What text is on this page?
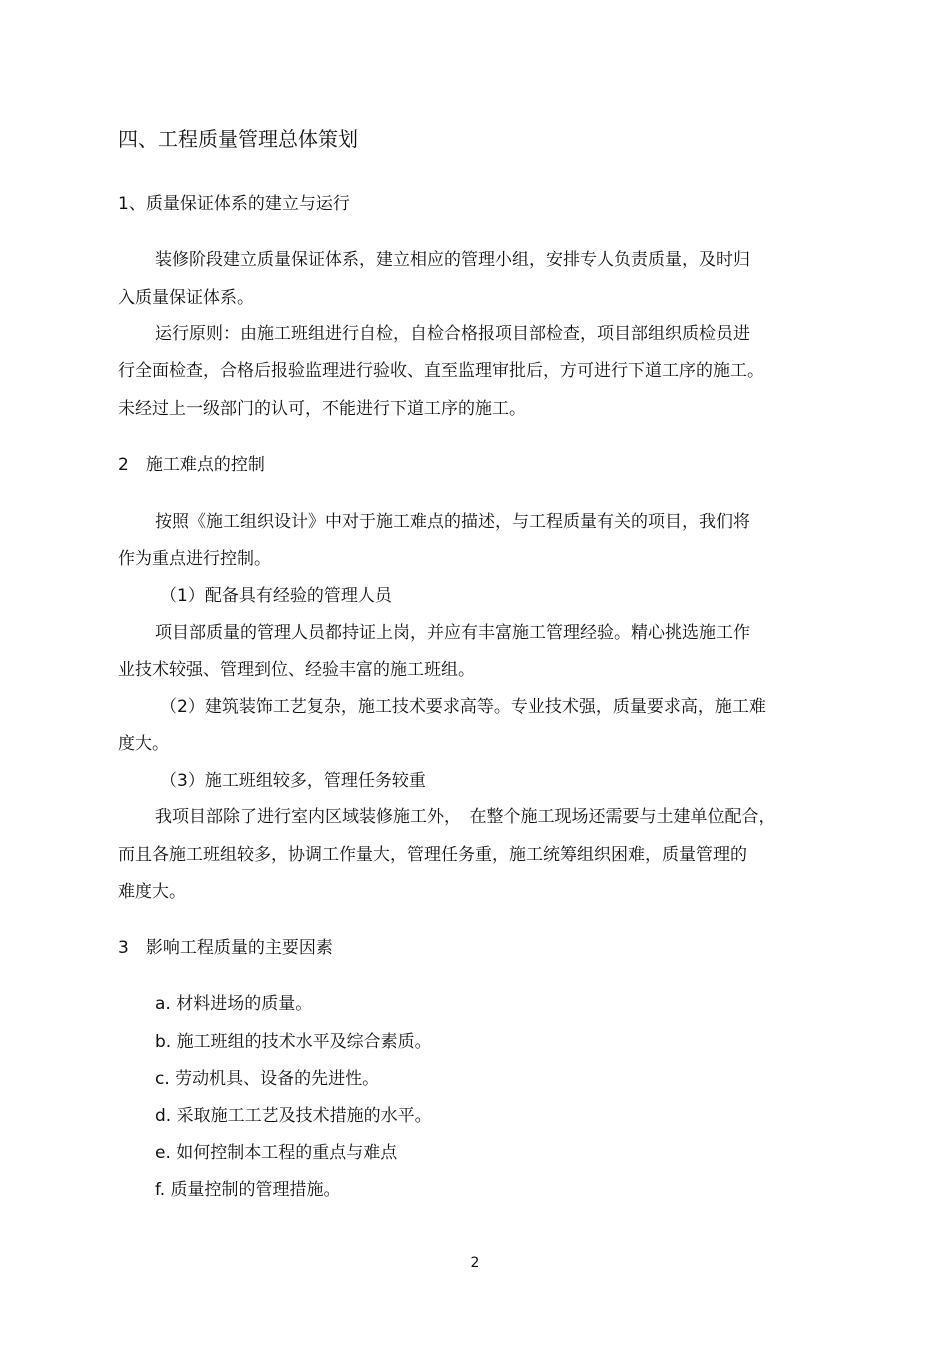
四、工程质量管理总体策划
1、质量保证体系的建立与运行
装修阶段建立质量保证体系，建立相应的管理小组，安排专人负责质量，及时归
入质量保证体系。
运行原则：由施工班组进行自检，自检合格报项目部检查，项目部组织质检员进
行全面检查，合格后报验监理进行验收、直至监理审批后，方可进行下道工序的施工。
未经过上一级部门的认可，不能进行下道工序的施工。
2　施工难点的控制
按照《施工组织设计》中对于施工难点的描述，与工程质量有关的项目，我们将
作为重点进行控制。
（1）配备具有经验的管理人员
项目部质量的管理人员都持证上岗，并应有丰富施工管理经验。精心挑选施工作
业技术较强、管理到位、经验丰富的施工班组。
（2）建筑装饰工艺复杂，施工技术要求高等。专业技术强，质量要求高，施工难
度大。
（3）施工班组较多，管理任务较重
我项目部除了进行室内区域装修施工外，　在整个施工现场还需要与土建单位配合，
而且各施工班组较多，协调工作量大，管理任务重，施工统筹组织困难，质量管理的
难度大。
3　影响工程质量的主要因素
a. 材料进场的质量。
b. 施工班组的技术水平及综合素质。
c. 劳动机具、设备的先进性。
d. 采取施工工艺及技术措施的水平。
e. 如何控制本工程的重点与难点
f. 质量控制的管理措施。
2
